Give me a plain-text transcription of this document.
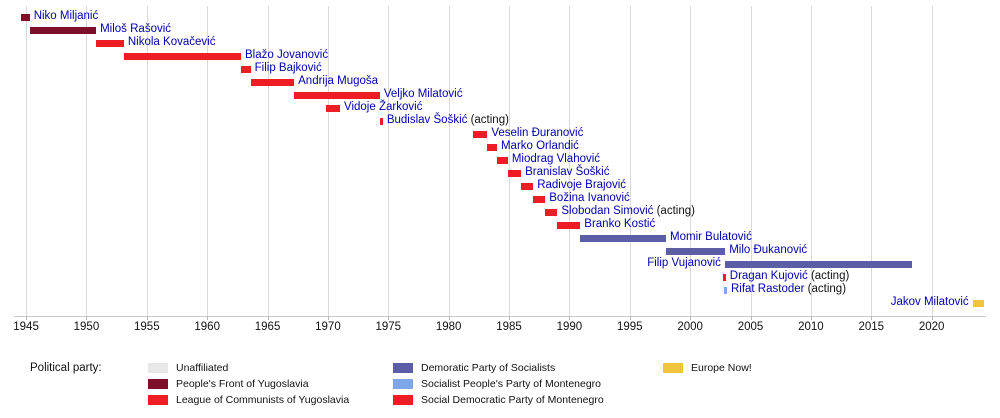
Niko Miljanić
Miloš Rašović
Nikola Kovačević
Blažo Jovanović
Filip Bajković
Andrija Mugoša
Veljko Milatović
Vidoje Žarković
Budislav Šoškić (acting)
Veselin Đuranović
Marko Orlandić
Miodrag Vlahović
Branislav Šoškić
Radivoje Brajović
Božina Ivanović
Slobodan Simović (acting)
Branko Kostić
Momir Bulatović
Milo Đukanović
Filip Vujanović
Dragan Kujović (acting)
Rifat Rastoder (acting)
Jakov Milatović
1945	1950	1955	1960	1965	1970	1975	1980	1985	1990	1995	2000	2005	2010	2015	2020
Political party:	Unaffiliated
People's Front of Yugoslavia
League of Communists of Yugoslavia
Demoratic Party of Socialists
Socialist People's Party of Montenegro
Social Democratic Party of Montenegro
Europe Now!
